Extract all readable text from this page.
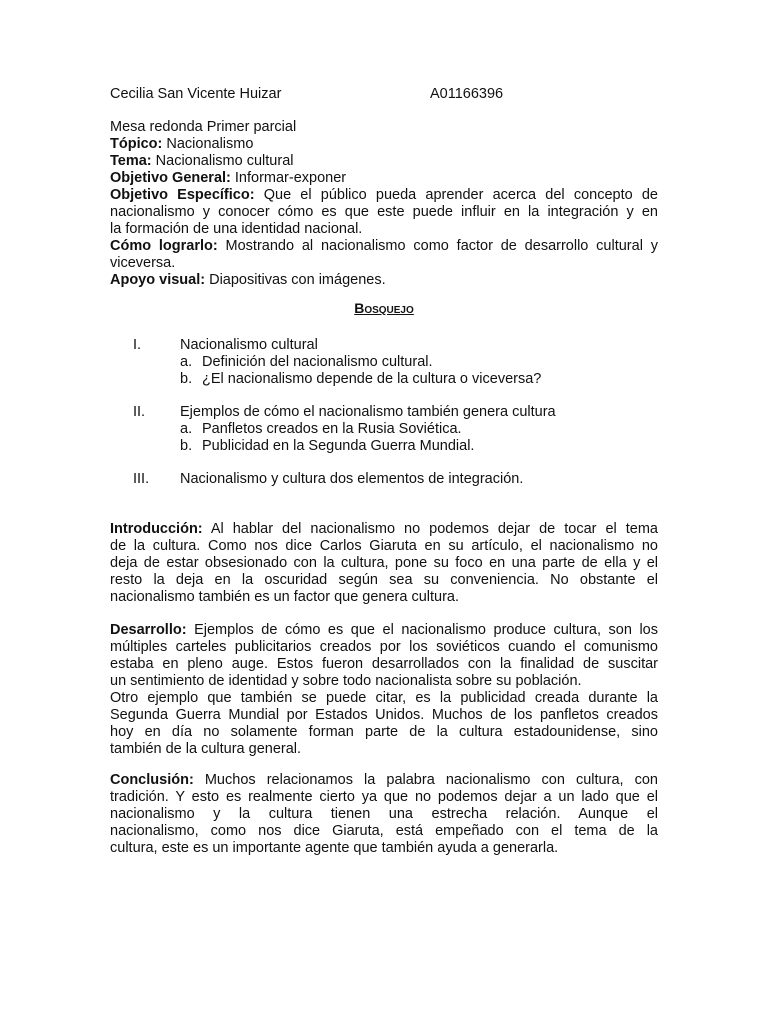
Cecilia San Vicente Huizar	A01166396
Mesa redonda Primer parcial
Tópico: Nacionalismo
Tema: Nacionalismo cultural
Objetivo General: Informar-exponer
Objetivo Específico: Que el público pueda aprender acerca del concepto de
nacionalismo y conocer cómo es que este puede influir en la integración y en
la formación de una identidad nacional.
Cómo lograrlo: Mostrando al nacionalismo como factor de desarrollo cultural y
viceversa.
Apoyo visual: Diapositivas con imágenes.
Bosquejo
I.	Nacionalismo cultural
a. Definición del nacionalismo cultural.
b. ¿El nacionalismo depende de la cultura o viceversa?
II. Ejemplos de cómo el nacionalismo también genera cultura
a. Panfletos creados en la Rusia Soviética.
b. Publicidad en la Segunda Guerra Mundial.
III. Nacionalismo y cultura dos elementos de integración.
Introducción: Al hablar del nacionalismo no podemos dejar de tocar el tema
de la cultura. Como nos dice Carlos Giaruta en su artículo, el nacionalismo no
deja de estar obsesionado con la cultura, pone su foco en una parte de ella y el
resto la deja en la oscuridad según sea su conveniencia. No obstante el
nacionalismo también es un factor que genera cultura.
Desarrollo: Ejemplos de cómo es que el nacionalismo produce cultura, son los
múltiples carteles publicitarios creados por los soviéticos cuando el comunismo
estaba en pleno auge. Estos fueron desarrollados con la finalidad de suscitar
un sentimiento de identidad y sobre todo nacionalista sobre su población.
Otro ejemplo que también se puede citar, es la publicidad creada durante la
Segunda Guerra Mundial por Estados Unidos. Muchos de los panfletos creados
hoy en día no solamente forman parte de la cultura estadounidense, sino
también de la cultura general.
Conclusión: Muchos relacionamos la palabra nacionalismo con cultura, con
tradición. Y esto es realmente cierto ya que no podemos dejar a un lado que el
nacionalismo y la cultura tienen una estrecha relación. Aunque el
nacionalismo, como nos dice Giaruta, está empeñado con el tema de la
cultura, este es un importante agente que también ayuda a generarla.
